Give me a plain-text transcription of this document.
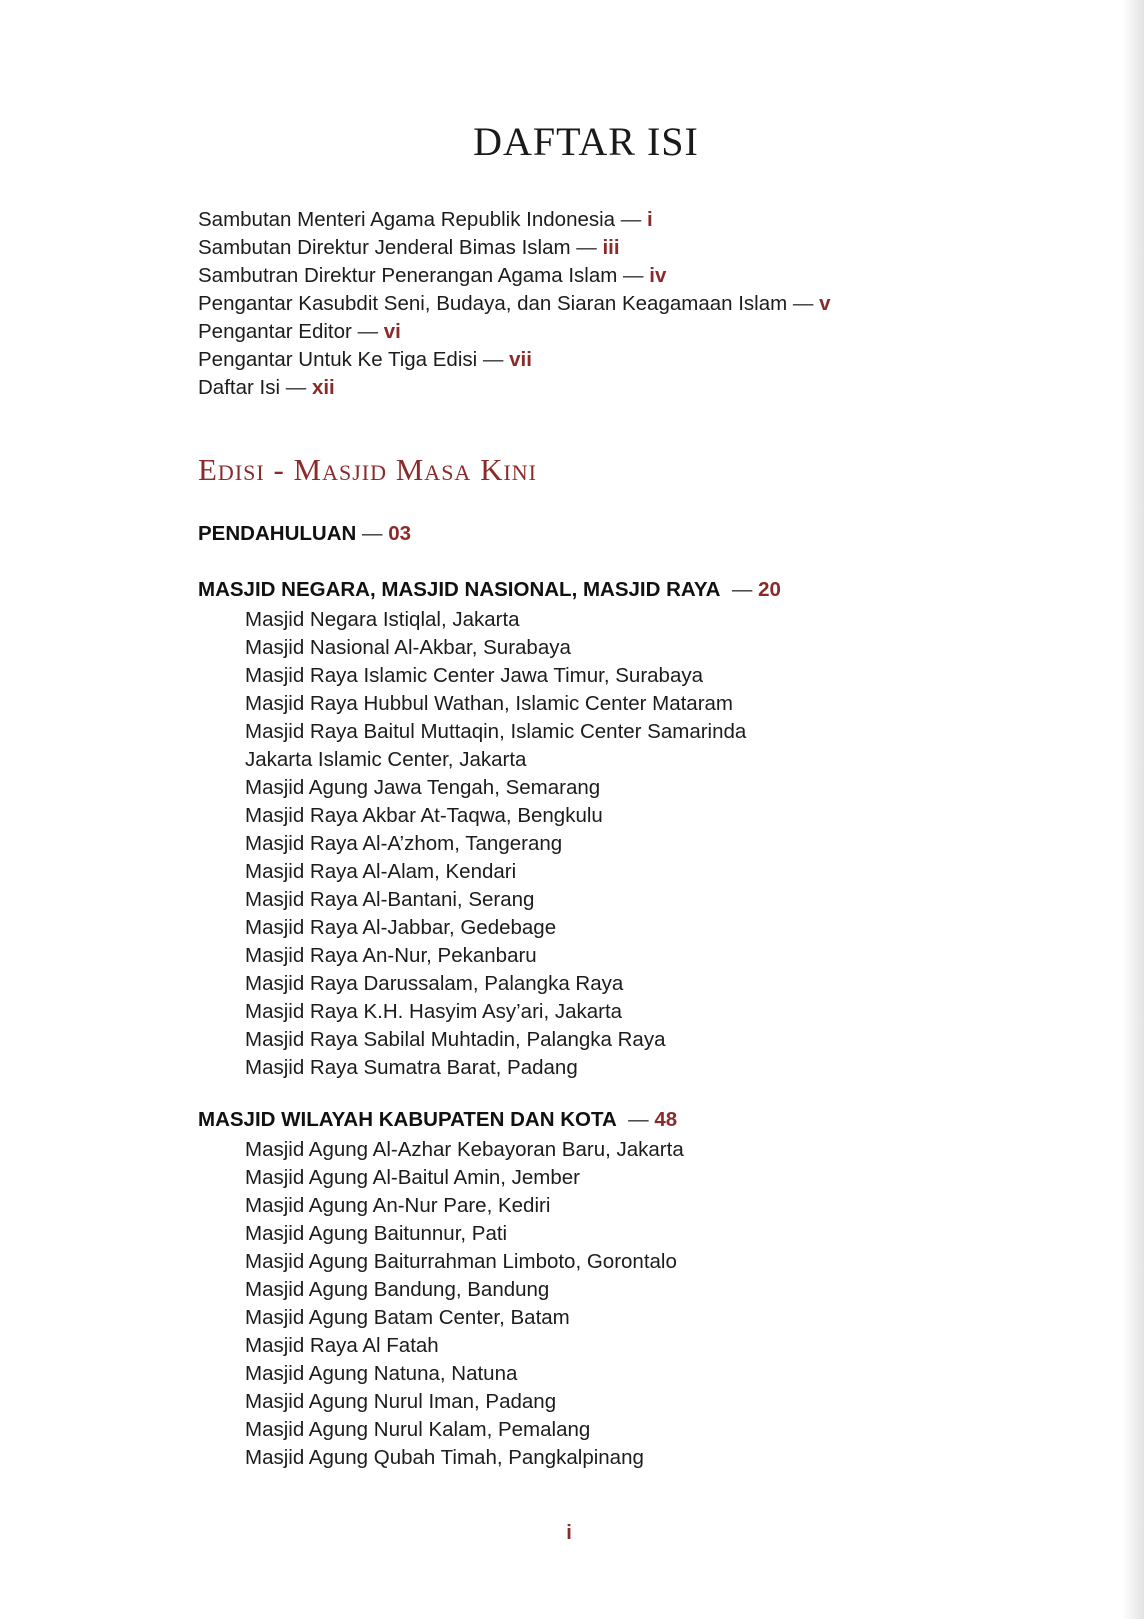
DAFTAR ISI
Sambutan Menteri Agama Republik Indonesia — i
Sambutan Direktur Jenderal Bimas Islam — iii
Sambutran Direktur Penerangan Agama Islam — iv
Pengantar Kasubdit Seni, Budaya, dan Siaran Keagamaan Islam — v
Pengantar Editor — vi
Pengantar Untuk Ke Tiga Edisi — vii
Daftar Isi — xii
Edisi - Masjid Masa Kini
PENDAHULUAN — 03
MASJID NEGARA, MASJID NASIONAL, MASJID RAYA — 20
Masjid Negara Istiqlal, Jakarta
Masjid Nasional Al-Akbar, Surabaya
Masjid Raya Islamic Center Jawa Timur, Surabaya
Masjid Raya Hubbul Wathan, Islamic Center Mataram
Masjid Raya Baitul Muttaqin, Islamic Center Samarinda
Jakarta Islamic Center, Jakarta
Masjid Agung Jawa Tengah, Semarang
Masjid Raya Akbar At-Taqwa, Bengkulu
Masjid Raya Al-A’zhom, Tangerang
Masjid Raya Al-Alam, Kendari
Masjid Raya Al-Bantani, Serang
Masjid Raya Al-Jabbar, Gedebage
Masjid Raya An-Nur, Pekanbaru
Masjid Raya Darussalam, Palangka Raya
Masjid Raya K.H. Hasyim Asy’ari, Jakarta
Masjid Raya Sabilal Muhtadin, Palangka Raya
Masjid Raya Sumatra Barat, Padang
MASJID WILAYAH KABUPATEN DAN KOTA — 48
Masjid Agung Al-Azhar Kebayoran Baru, Jakarta
Masjid Agung Al-Baitul Amin, Jember
Masjid Agung An-Nur Pare, Kediri
Masjid Agung Baitunnur, Pati
Masjid Agung Baiturrahman Limboto, Gorontalo
Masjid Agung Bandung, Bandung
Masjid Agung Batam Center, Batam
Masjid Raya Al Fatah
Masjid Agung Natuna, Natuna
Masjid Agung Nurul Iman, Padang
Masjid Agung Nurul Kalam, Pemalang
Masjid Agung Qubah Timah, Pangkalpinang
i
